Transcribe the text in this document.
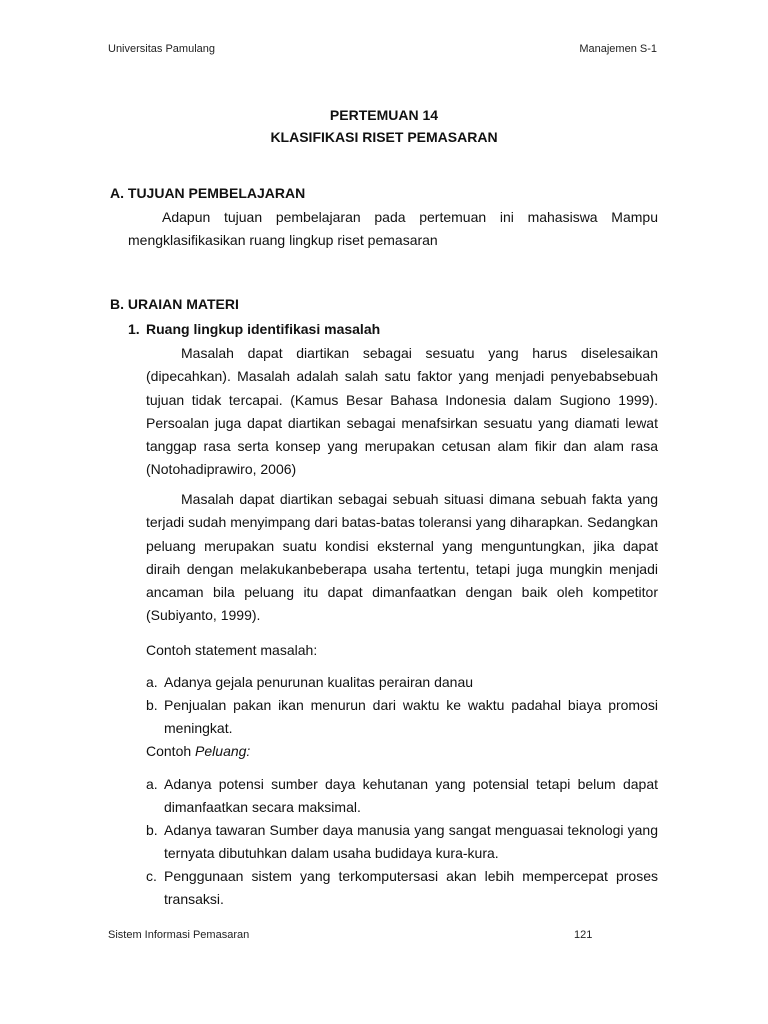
Universitas Pamulang	Manajemen S-1
PERTEMUAN 14
KLASIFIKASI RISET PEMASARAN
A. TUJUAN PEMBELAJARAN
Adapun tujuan pembelajaran pada pertemuan ini mahasiswa Mampu mengklasifikasikan ruang lingkup riset pemasaran
B. URAIAN MATERI
1. Ruang lingkup identifikasi masalah
Masalah dapat diartikan sebagai sesuatu yang harus diselesaikan (dipecahkan). Masalah adalah salah satu faktor yang menjadi penyebabsebuah tujuan tidak tercapai. (Kamus Besar Bahasa Indonesia dalam Sugiono 1999). Persoalan juga dapat diartikan sebagai menafsirkan sesuatu yang diamati lewat tanggap rasa serta konsep yang merupakan cetusan alam fikir dan alam rasa (Notohadiprawiro, 2006)
Masalah dapat diartikan sebagai sebuah situasi dimana sebuah fakta yang terjadi sudah menyimpang dari batas-batas toleransi yang diharapkan. Sedangkan peluang merupakan suatu kondisi eksternal yang menguntungkan, jika dapat diraih dengan melakukanbeberapa usaha tertentu, tetapi juga mungkin menjadi ancaman bila peluang itu dapat dimanfaatkan dengan baik oleh kompetitor (Subiyanto, 1999).
Contoh statement masalah:
a. Adanya gejala penurunan kualitas perairan danau
b. Penjualan pakan ikan menurun dari waktu ke waktu padahal biaya promosi meningkat.
Contoh Peluang:
a. Adanya potensi sumber daya kehutanan yang potensial tetapi belum dapat dimanfaatkan secara maksimal.
b. Adanya tawaran Sumber daya manusia yang sangat menguasai teknologi yang ternyata dibutuhkan dalam usaha budidaya kura-kura.
c. Penggunaan sistem yang terkomputersasi akan lebih mempercepat proses transaksi.
Sistem Informasi Pemasaran	121
